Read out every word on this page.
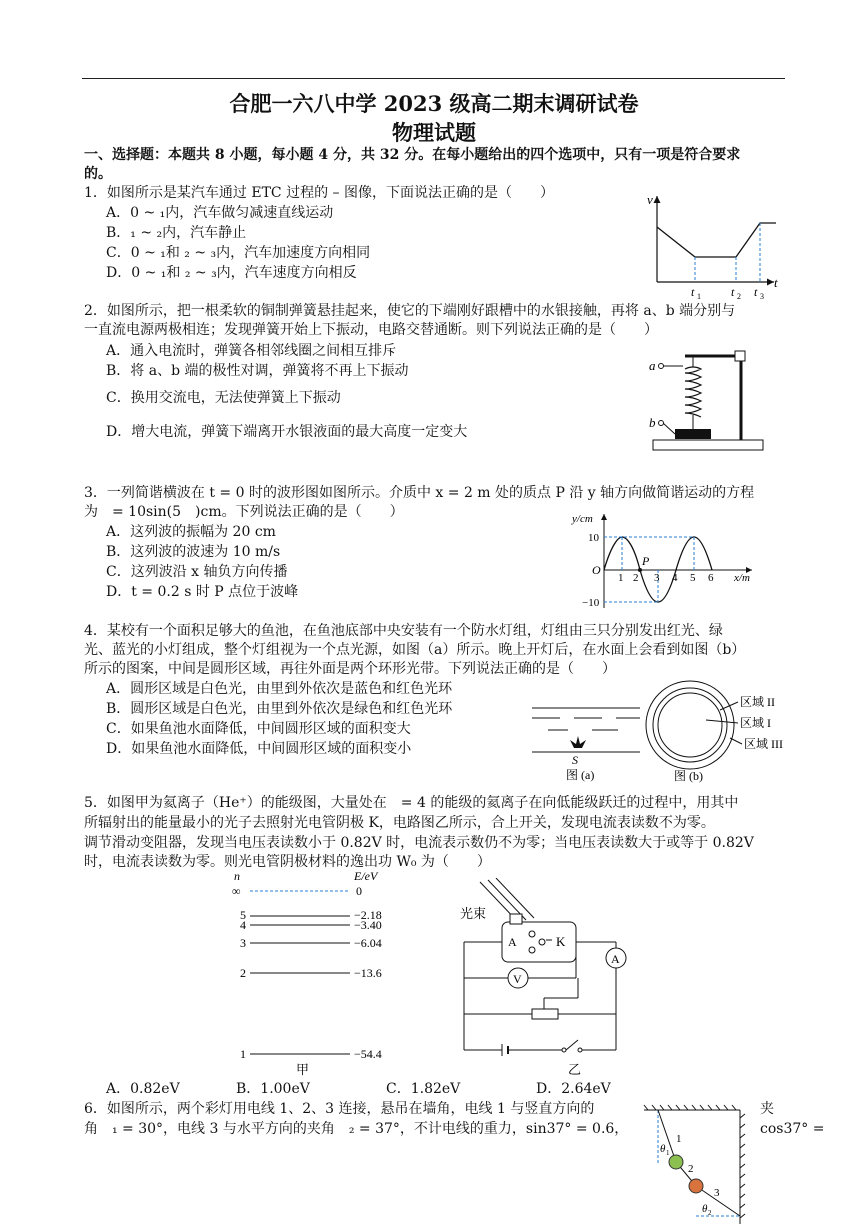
合肥一六八中学 2023 级高二期末调研试卷
物理试题
一、选择题：本题共 8 小题，每小题 4 分，共 32 分。在每小题给出的四个选项中，只有一项是符合要求
的。
1．如图所示是某汽车通过 ETC 过程的 – 图像，下面说法正确的是（　　）
A．0 ~ ₁内，汽车做匀减速直线运动
B．₁ ~ ₂内，汽车静止
C．0 ~ ₁和 ₂ ~ ₃内，汽车加速度方向相同
D．0 ~ ₁和 ₂ ~ ₃内，汽车速度方向相反
v
t
t 1	t 2 t 3
2．如图所示，把一根柔软的铜制弹簧悬挂起来，使它的下端刚好跟槽中的水银接触，再将 a、b 端分别与
一直流电源两极相连；发现弹簧开始上下振动，电路交替通断。则下列说法正确的是（　　）
A．通入电流时，弹簧各相邻线圈之间相互排斥
B．将 a、b 端的极性对调，弹簧将不再上下振动
C．换用交流电，无法使弹簧上下振动
D．增大电流，弹簧下端离开水银液面的最大高度一定变大
a
b
3．一列简谐横波在 t = 0 时的波形图如图所示。介质中 x = 2 m 处的质点 P 沿 y 轴方向做简谐运动的方程
为　= 10sin(5　)cm。下列说法正确的是（　　）
A．这列波的振幅为 20 cm
B．这列波的波速为 10 m/s
C．这列波沿 x 轴负方向传播
D．t = 0.2 s 时 P 点位于波峰
y/cm
x/m
O
P
10
−10
1 2 3 4 5 6
4．某校有一个面积足够大的鱼池，在鱼池底部中央安装有一个防水灯组，灯组由三只分别发出红光、绿
光、蓝光的小灯组成，整个灯组视为一个点光源，如图（a）所示。晚上开灯后，在水面上会看到如图（b）
所示的图案，中间是圆形区域，再往外面是两个环形光带。下列说法正确的是（　　）
A．圆形区域是白色光，由里到外依次是蓝色和红色光环
B．圆形区域是白色光，由里到外依次是绿色和红色光环
C．如果鱼池水面降低，中间圆形区域的面积变大
D．如果鱼池水面降低，中间圆形区域的面积变小
S
图 (a)
区域 II
区域 I
区域 III
图 (b)
5．如图甲为氦离子（He⁺）的能级图，大量处在　= 4 的能级的氦离子在向低能级跃迁的过程中，用其中
所辐射出的能量最小的光子去照射光电管阴极 K，电路图乙所示，合上开关，发现电流表读数不为零。
调节滑动变阻器，发现当电压表读数小于 0.82V 时，电流表示数仍不为零；当电压表读数大于或等于 0.82V
时，电流表读数为零。则光电管阴极材料的逸出功 W₀ 为（　　）
n	E/eV
∞	0
5	−2.18
4	−3.40
3	−6.04
2	−13.6
1	−54.4
甲
光束
A	K
A
V
乙
A．0.82eV	B．1.00eV	C．1.82eV	D．2.64eV
6．如图所示，两个彩灯用电线 1、2、3 连接，悬吊在墙角，电线 1 与竖直方向的	夹
角　₁ = 30°，电线 3 与水平方向的夹角　₂ = 37°，不计电线的重力，sin37° = 0.6，	cos37° =
1
2
3
θ 1
θ 2
